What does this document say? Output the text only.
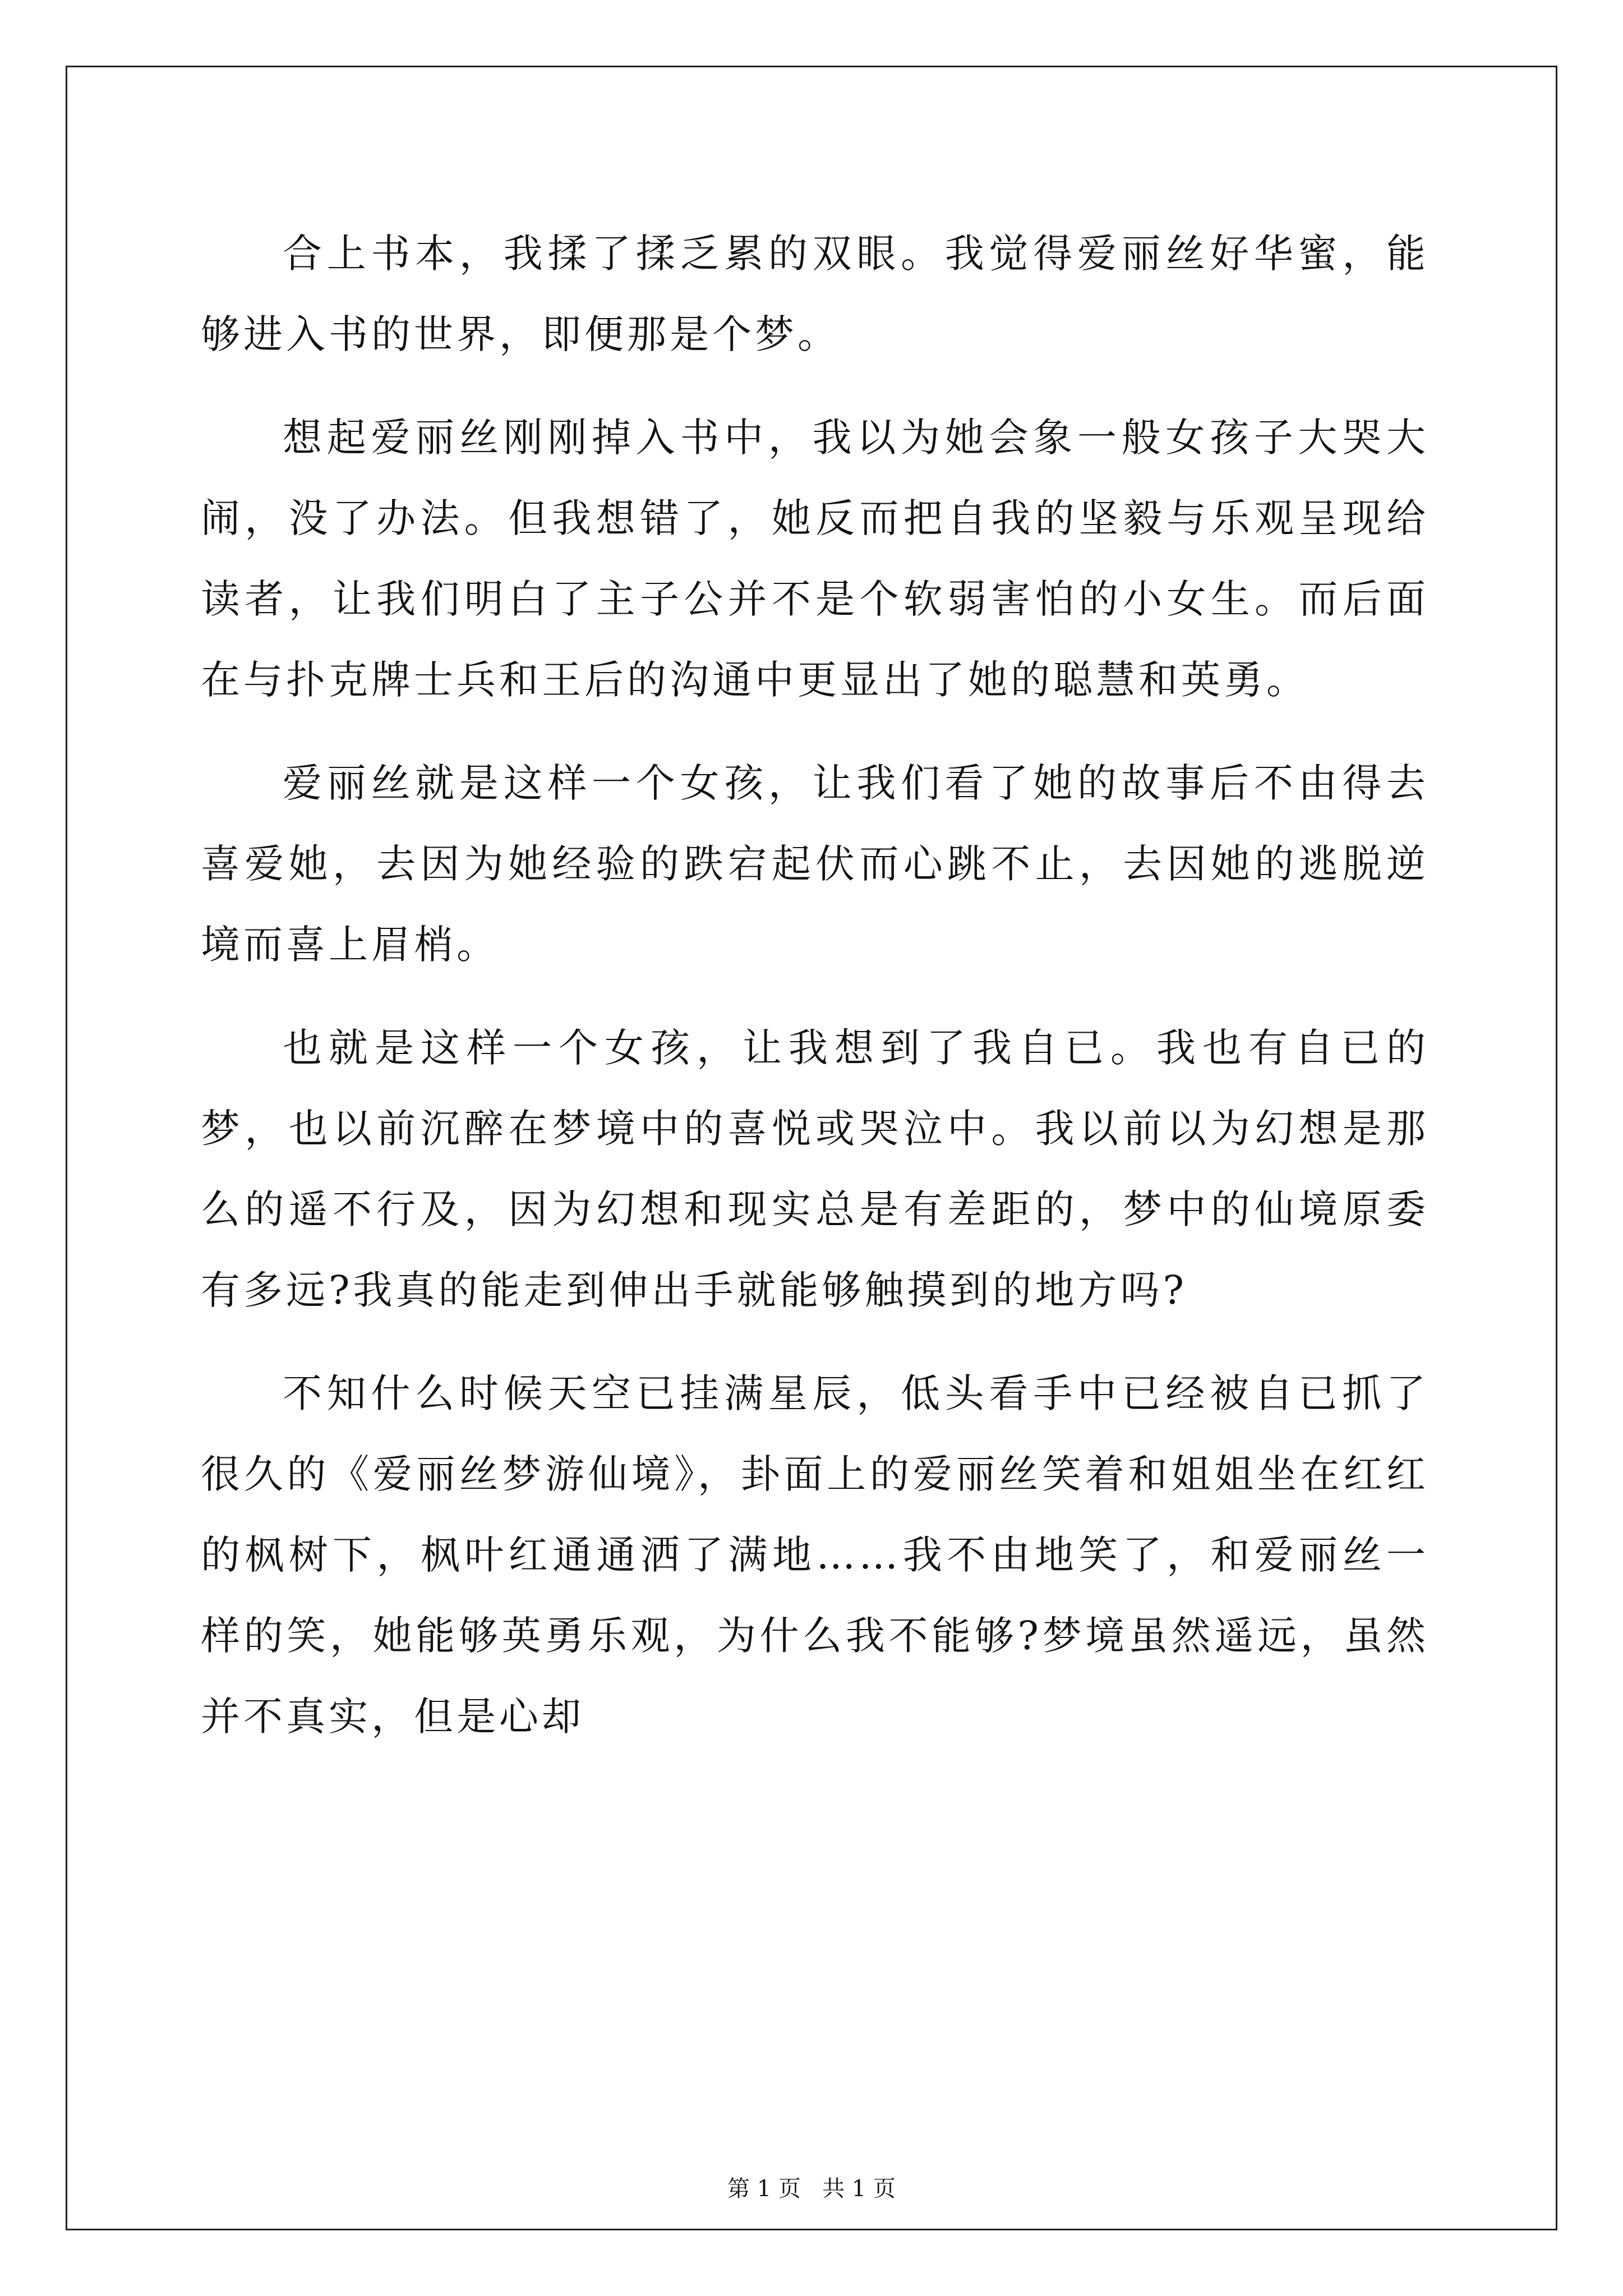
合上书本，我揉了揉乏累的双眼。我觉得爱丽丝好华蜜，能够进入书的世界，即便那是个梦。

想起爱丽丝刚刚掉入书中，我以为她会象一般女孩子大哭大闹，没了办法。但我想错了，她反而把自我的坚毅与乐观呈现给读者，让我们明白了主子公并不是个软弱害怕的小女生。而后面在与扑克牌士兵和王后的沟通中更显出了她的聪慧和英勇。

爱丽丝就是这样一个女孩，让我们看了她的故事后不由得去喜爱她，去因为她经验的跌宕起伏而心跳不止，去因她的逃脱逆境而喜上眉梢。

也就是这样一个女孩，让我想到了我自已。我也有自已的梦，也以前沉醉在梦境中的喜悦或哭泣中。我以前以为幻想是那么的遥不行及，因为幻想和现实总是有差距的，梦中的仙境原委有多远?我真的能走到伸出手就能够触摸到的地方吗?

不知什么时候天空已挂满星辰，低头看手中已经被自已抓了很久的《爱丽丝梦游仙境》，卦面上的爱丽丝笑着和姐姐坐在红红的枫树下，枫叶红通通洒了满地……我不由地笑了，和爱丽丝一样的笑，她能够英勇乐观，为什么我不能够?梦境虽然遥远，虽然并不真实，但是心却

第 1 页   共 1 页
